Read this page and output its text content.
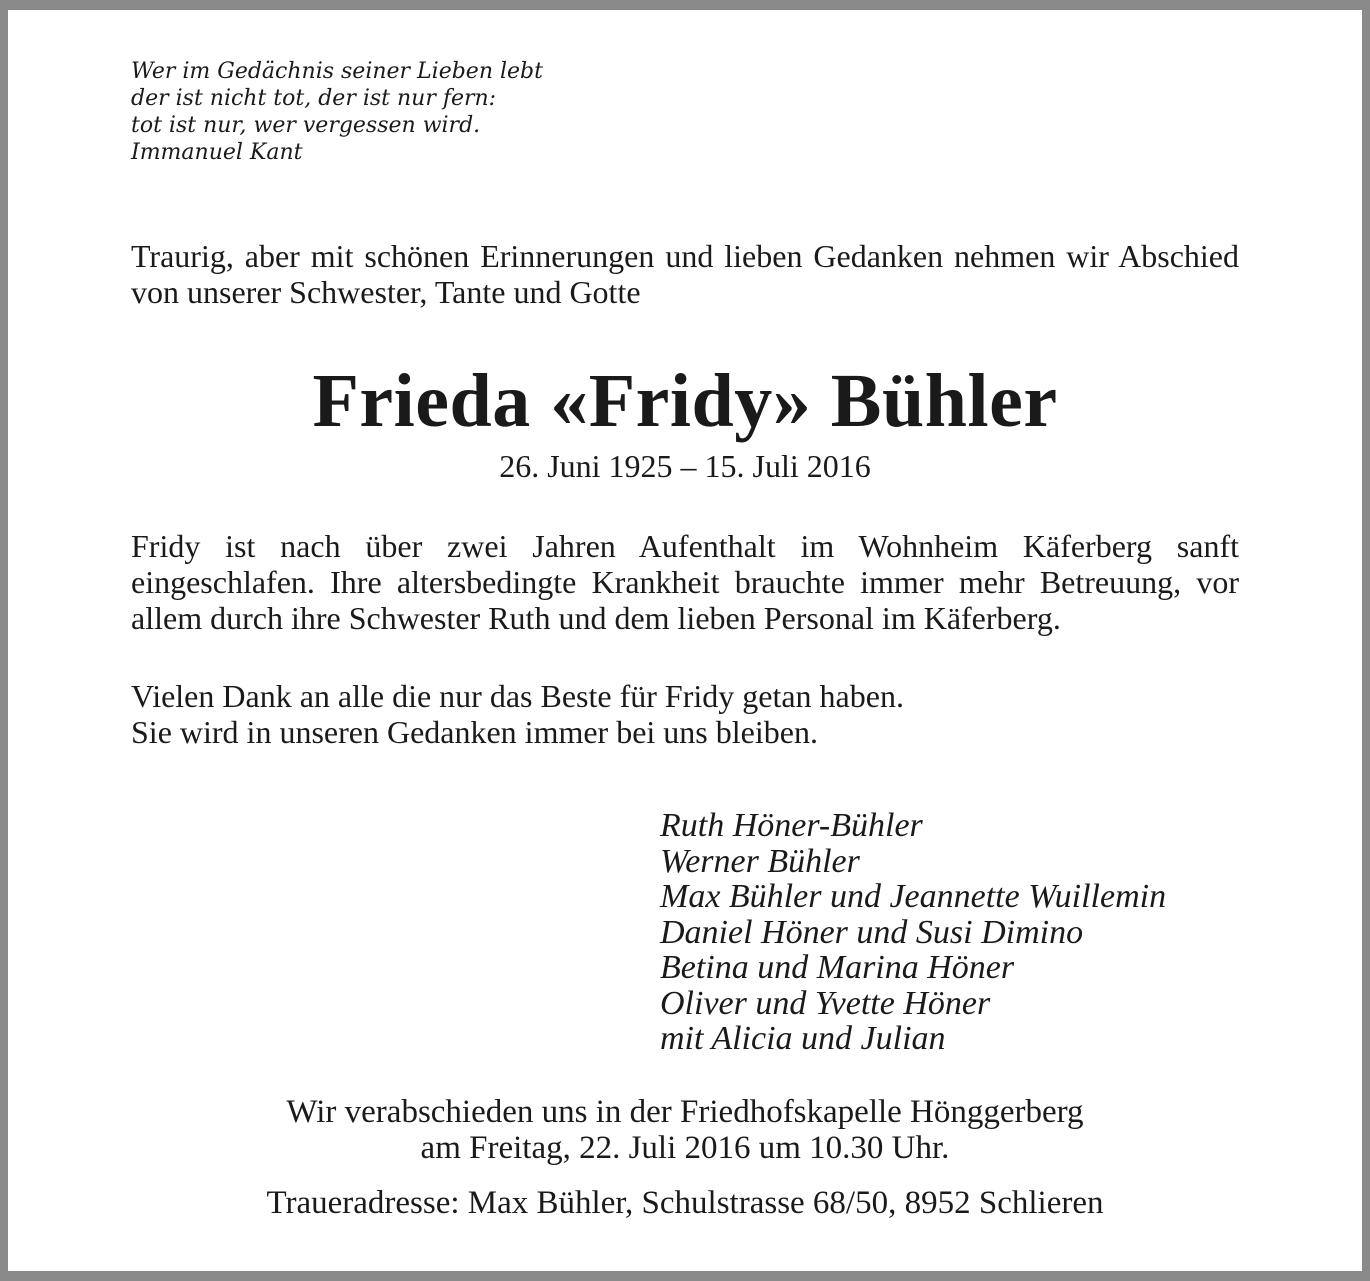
Wer im Gedächnis seiner Lieben lebt
der ist nicht tot, der ist nur fern:
tot ist nur, wer vergessen wird.
Immanuel Kant
Traurig, aber mit schönen Erinnerungen und lieben Gedanken nehmen wir Abschied von unserer Schwester, Tante und Gotte
Frieda «Fridy» Bühler
26. Juni 1925 – 15. Juli 2016
Fridy ist nach über zwei Jahren Aufenthalt im Wohnheim Käferberg sanft eingeschlafen. Ihre altersbedingte Krankheit brauchte immer mehr Betreuung, vor allem durch ihre Schwester Ruth und dem lieben Personal im Käferberg.
Vielen Dank an alle die nur das Beste für Fridy getan haben.
Sie wird in unseren Gedanken immer bei uns bleiben.
Ruth Höner-Bühler
Werner Bühler
Max Bühler und Jeannette Wuillemin
Daniel Höner und Susi Dimino
Betina und Marina Höner
Oliver und Yvette Höner
mit Alicia und Julian
Wir verabschieden uns in der Friedhofskapelle Hönggerberg
am Freitag, 22. Juli 2016 um 10.30 Uhr.
Traueradresse: Max Bühler, Schulstrasse 68/50, 8952 Schlieren
